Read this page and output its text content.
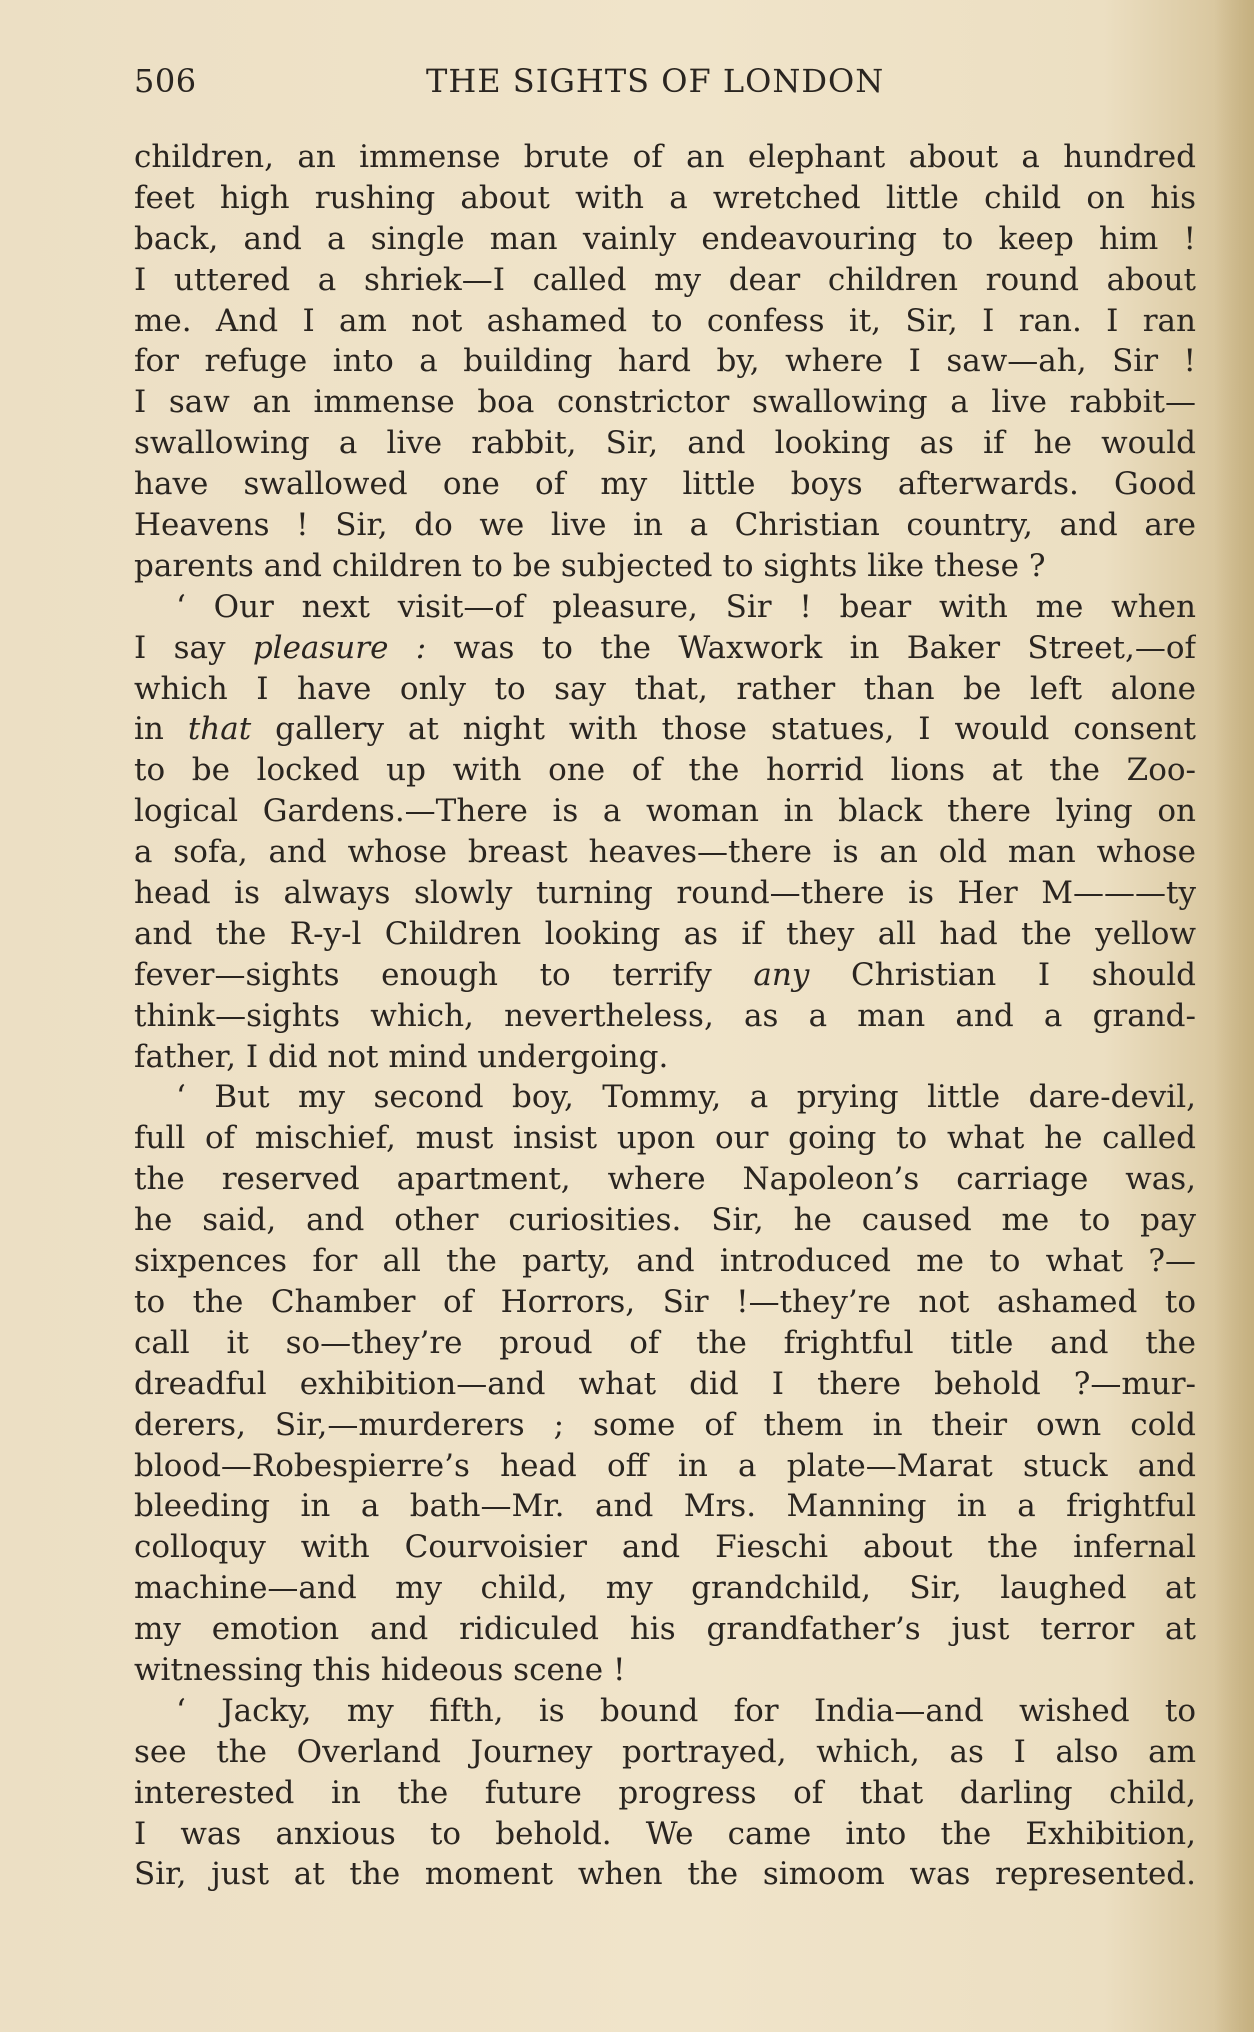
506	THE SIGHTS OF LONDON
children, an immense brute of an elephant about a hundred
feet high rushing about with a wretched little child on his
back, and a single man vainly endeavouring to keep him !
I uttered a shriek—I called my dear children round about
me. And I am not ashamed to confess it, Sir, I ran. I ran
for refuge into a building hard by, where I saw—ah, Sir !
I saw an immense boa constrictor swallowing a live rabbit—
swallowing a live rabbit, Sir, and looking as if he would
have swallowed one of my little boys afterwards. Good
Heavens ! Sir, do we live in a Christian country, and are
parents and children to be subjected to sights like these ?
‘ Our next visit—of pleasure, Sir ! bear with me when
I say pleasure : was to the Waxwork in Baker Street,—of
which I have only to say that, rather than be left alone
in that gallery at night with those statues, I would consent
to be locked up with one of the horrid lions at the Zoo-
logical Gardens.—There is a woman in black there lying on
a sofa, and whose breast heaves—there is an old man whose
head is always slowly turning round—there is Her M———ty
and the R-y-l Children looking as if they all had the yellow
fever—sights enough to terrify any Christian I should
think—sights which, nevertheless, as a man and a grand-
father, I did not mind undergoing.
‘ But my second boy, Tommy, a prying little dare-devil,
full of mischief, must insist upon our going to what he called
the reserved apartment, where Napoleon’s carriage was,
he said, and other curiosities. Sir, he caused me to pay
sixpences for all the party, and introduced me to what ?—
to the Chamber of Horrors, Sir !—they’re not ashamed to
call it so—they’re proud of the frightful title and the
dreadful exhibition—and what did I there behold ?—mur-
derers, Sir,—murderers ; some of them in their own cold
blood—Robespierre’s head off in a plate—Marat stuck and
bleeding in a bath—Mr. and Mrs. Manning in a frightful
colloquy with Courvoisier and Fieschi about the infernal
machine—and my child, my grandchild, Sir, laughed at
my emotion and ridiculed his grandfather’s just terror at
witnessing this hideous scene !
‘ Jacky, my fifth, is bound for India—and wished to
see the Overland Journey portrayed, which, as I also am
interested in the future progress of that darling child,
I was anxious to behold. We came into the Exhibition,
Sir, just at the moment when the simoom was represented.
